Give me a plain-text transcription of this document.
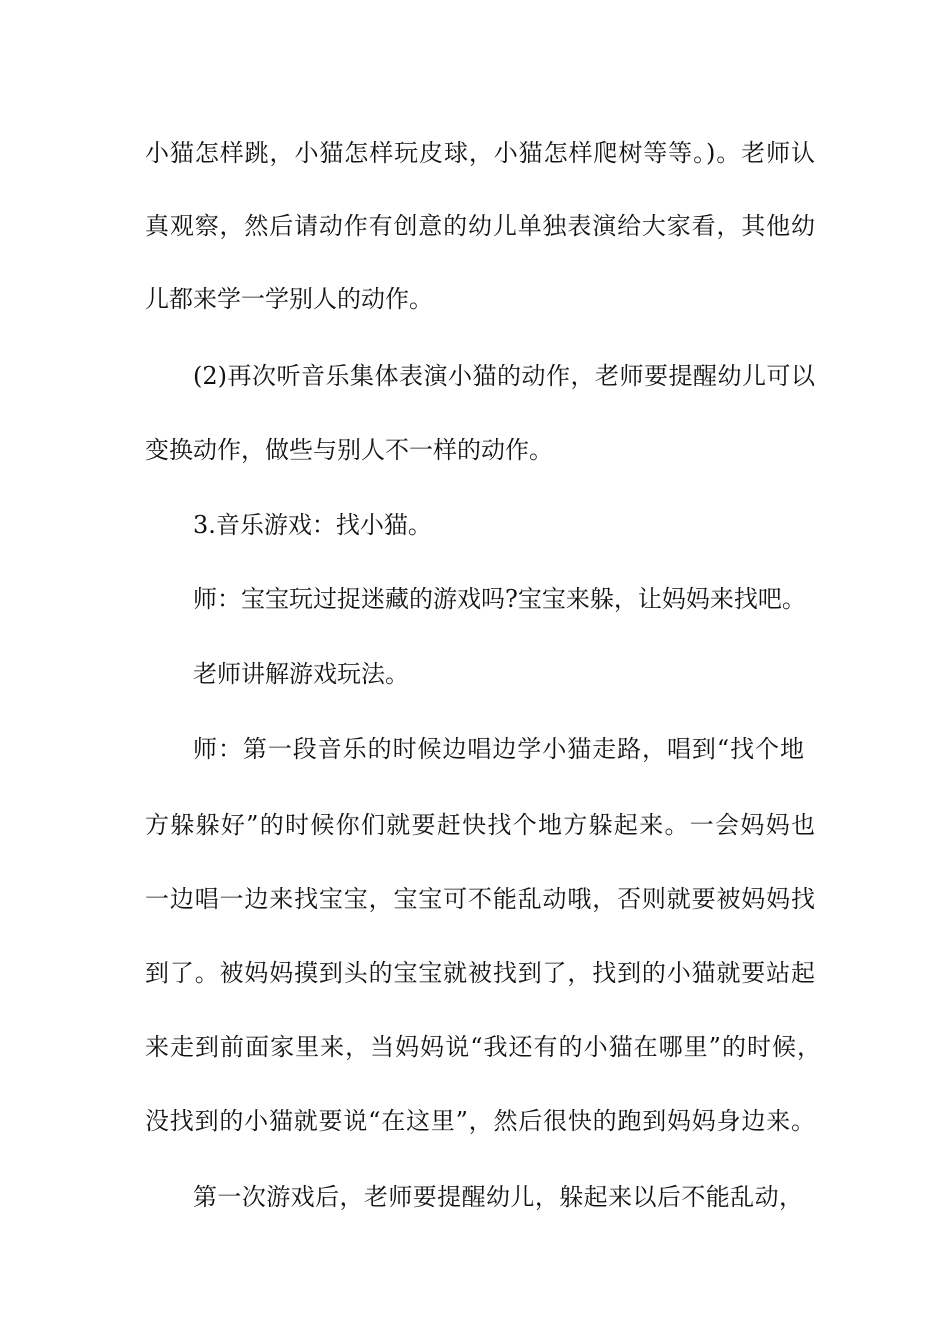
小猫怎样跳，小猫怎样玩皮球，小猫怎样爬树等等。)。老师认
真观察，然后请动作有创意的幼儿单独表演给大家看，其他幼
儿都来学一学别人的动作。
(2)再次听音乐集体表演小猫的动作，老师要提醒幼儿可以
变换动作，做些与别人不一样的动作。
3.音乐游戏：找小猫。
师：宝宝玩过捉迷藏的游戏吗?宝宝来躲，让妈妈来找吧。
老师讲解游戏玩法。
师：第一段音乐的时候边唱边学小猫走路，唱到“找个地
方躲躲好”的时候你们就要赶快找个地方躲起来。一会妈妈也
一边唱一边来找宝宝，宝宝可不能乱动哦，否则就要被妈妈找
到了。被妈妈摸到头的宝宝就被找到了，找到的小猫就要站起
来走到前面家里来，当妈妈说“我还有的小猫在哪里”的时候，
没找到的小猫就要说“在这里”，然后很快的跑到妈妈身边来。
第一次游戏后，老师要提醒幼儿，躲起来以后不能乱动，
